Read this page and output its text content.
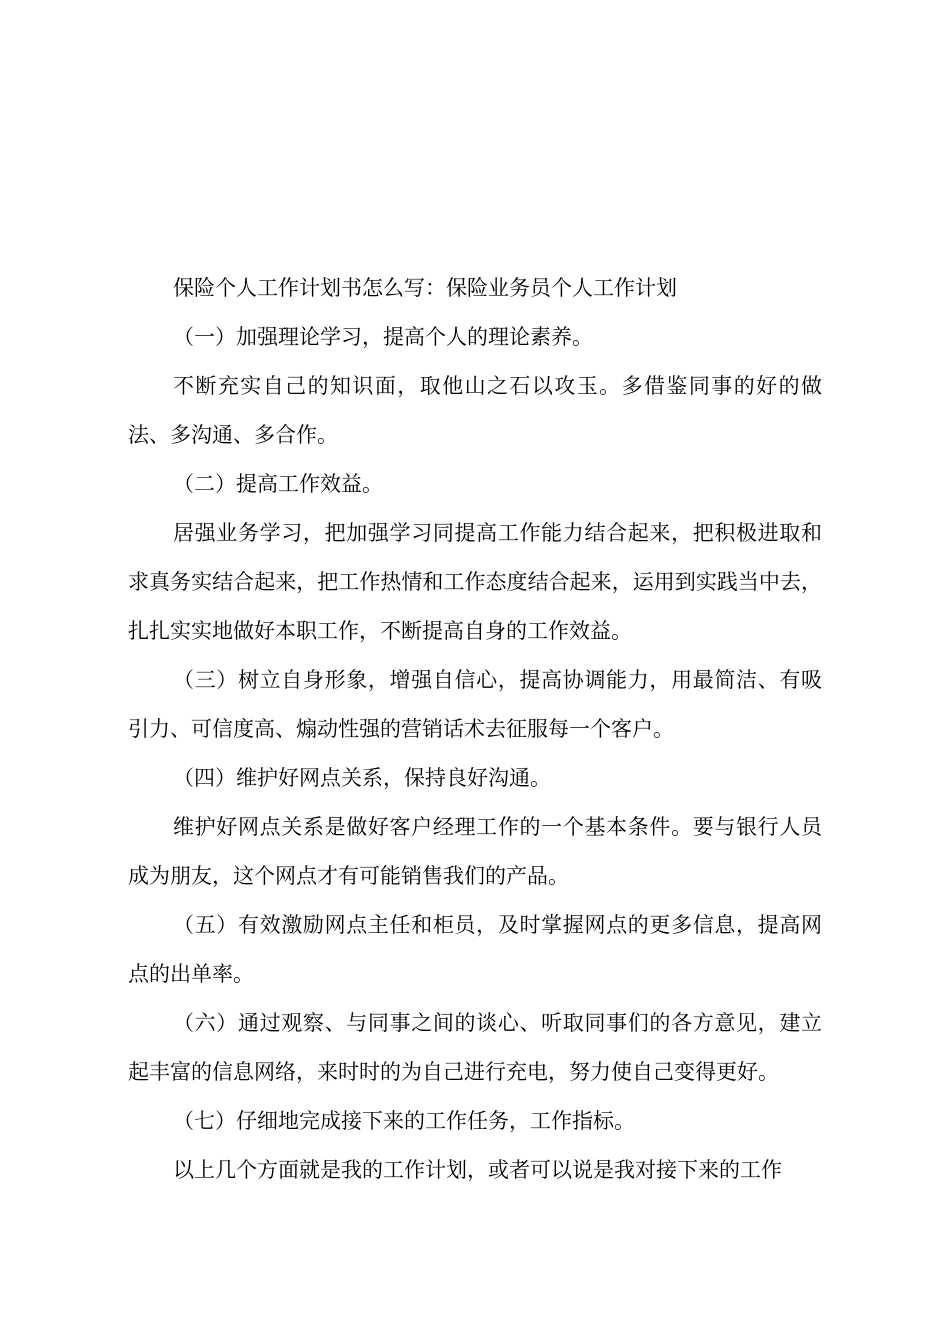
保险个人工作计划书怎么写：保险业务员个人工作计划

（一）加强理论学习，提高个人的理论素养。

不断充实自己的知识面，取他山之石以攻玉。多借鉴同事的好的做法、多沟通、多合作。

（二）提高工作效益。

居强业务学习，把加强学习同提高工作能力结合起来，把积极进取和求真务实结合起来，把工作热情和工作态度结合起来，运用到实践当中去，扎扎实实地做好本职工作，不断提高自身的工作效益。

（三）树立自身形象，增强自信心，提高协调能力，用最简洁、有吸引力、可信度高、煽动性强的营销话术去征服每一个客户。

（四）维护好网点关系，保持良好沟通。

维护好网点关系是做好客户经理工作的一个基本条件。要与银行人员成为朋友，这个网点才有可能销售我们的产品。

（五）有效激励网点主任和柜员，及时掌握网点的更多信息，提高网点的出单率。

（六）通过观察、与同事之间的谈心、听取同事们的各方意见，建立起丰富的信息网络，来时时的为自己进行充电，努力使自己变得更好。

（七）仔细地完成接下来的工作任务，工作指标。

以上几个方面就是我的工作计划，或者可以说是我对接下来的工作
